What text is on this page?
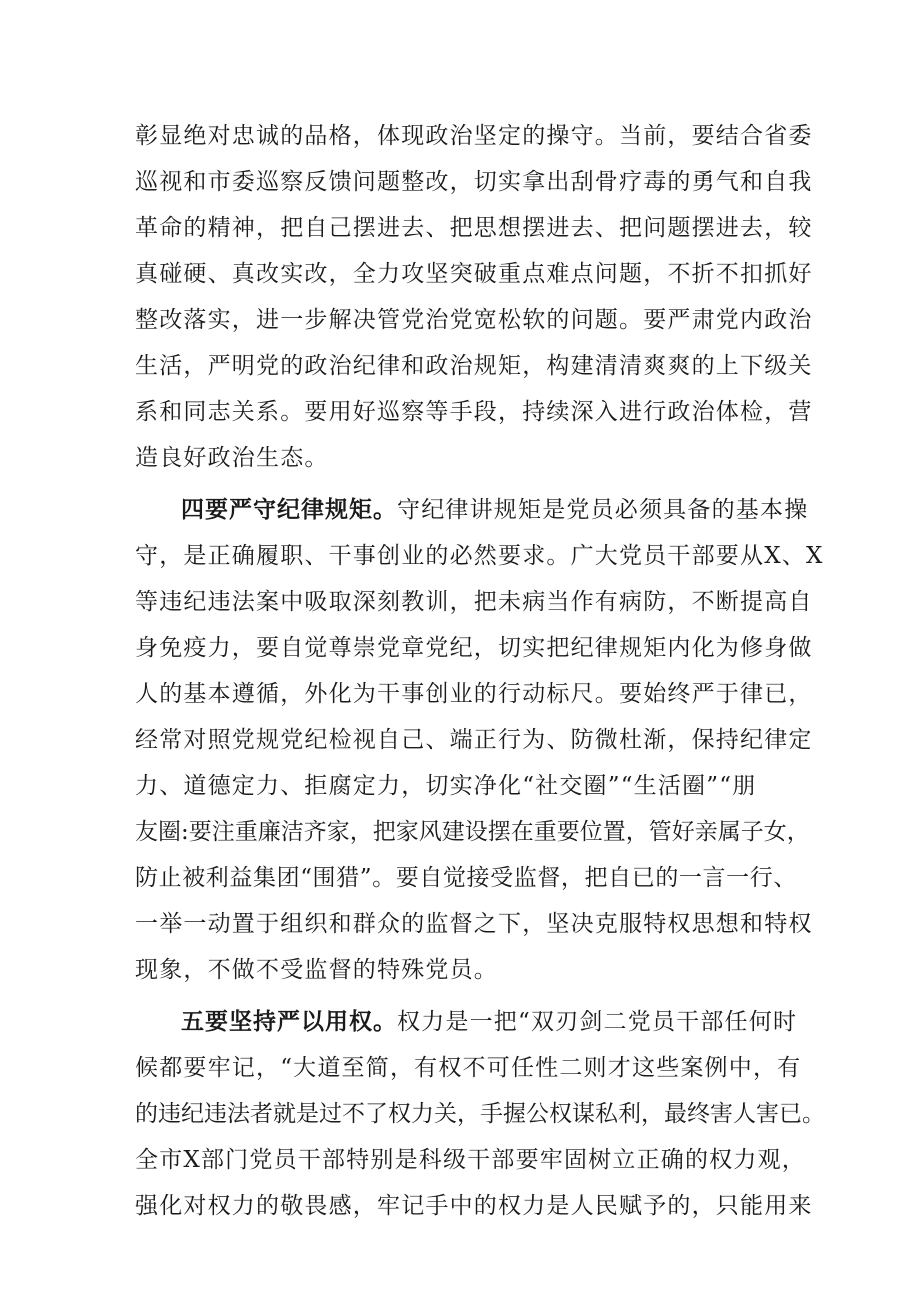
彰显绝对忠诚的品格，体现政治坚定的操守。当前，要结合省委
巡视和市委巡察反馈问题整改，切实拿出刮骨疗毒的勇气和自我
革命的精神，把自己摆进去、把思想摆进去、把问题摆进去，较
真碰硬、真改实改，全力攻坚突破重点难点问题，不折不扣抓好
整改落实，进一步解决管党治党宽松软的问题。要严肃党内政治
生活，严明党的政治纪律和政治规矩，构建清清爽爽的上下级关
系和同志关系。要用好巡察等手段，持续深入进行政治体检，营
造良好政治生态。
四要严守纪律规矩。守纪律讲规矩是党员必须具备的基本操
守，是正确履职、干事创业的必然要求。广大党员干部要从X、X
等违纪违法案中吸取深刻教训，把未病当作有病防，不断提高自
身免疫力，要自觉尊崇党章党纪，切实把纪律规矩内化为修身做
人的基本遵循，外化为干事创业的行动标尺。要始终严于律已，
经常对照党规党纪检视自己、端正行为、防微杜渐，保持纪律定
力、道德定力、拒腐定力，切实净化“社交圈”“生活圈”“朋
友圈:要注重廉洁齐家，把家风建设摆在重要位置，管好亲属子女，
防止被利益集团“围猎”。要自觉接受监督，把自已的一言一行、
一举一动置于组织和群众的监督之下，坚决克服特权思想和特权
现象，不做不受监督的特殊党员。
五要坚持严以用权。权力是一把“双刃剑二党员干部任何时
候都要牢记，“大道至简，有权不可任性二则才这些案例中，有
的违纪违法者就是过不了权力关，手握公权谋私利，最终害人害已。
全市X部门党员干部特别是科级干部要牢固树立正确的权力观，
强化对权力的敬畏感，牢记手中的权力是人民赋予的，只能用来
